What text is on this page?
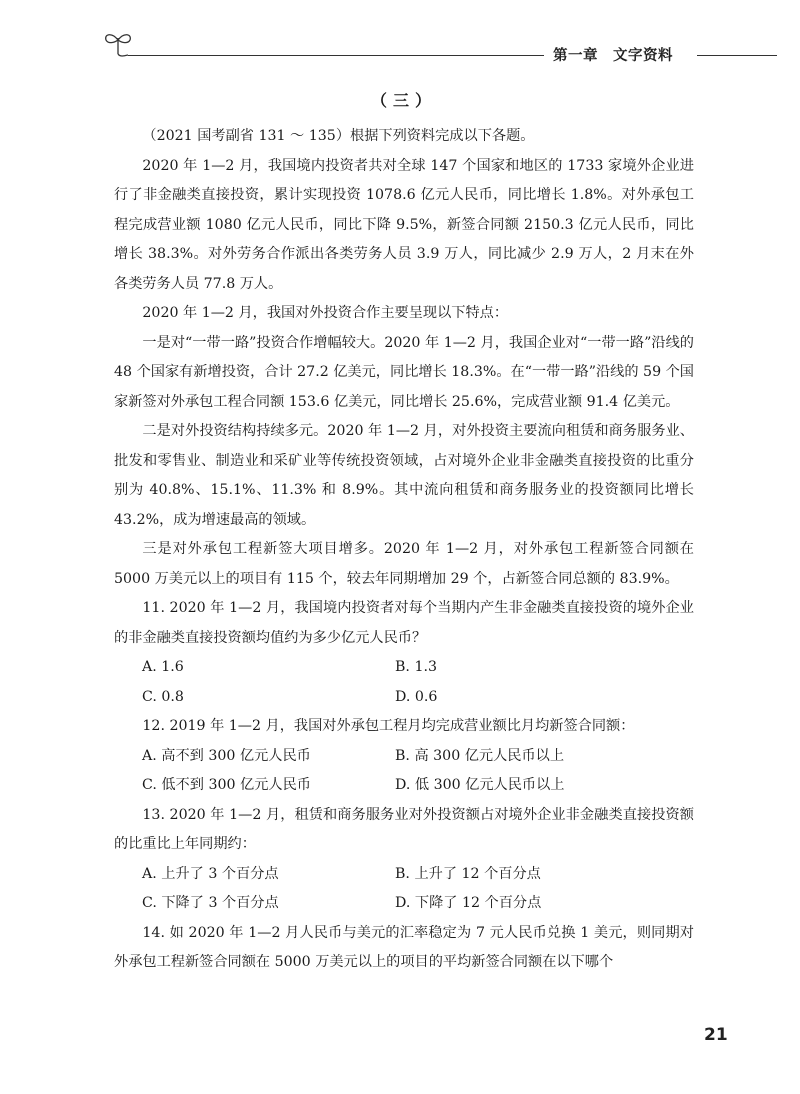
第一章　文字资料
（三）

（2021 国考副省 131 ～ 135）根据下列资料完成以下各题。

2020 年 1—2 月，我国境内投资者共对全球 147 个国家和地区的 1733 家境外企业进行了非金融类直接投资，累计实现投资 1078.6 亿元人民币，同比增长 1.8%。对外承包工程完成营业额 1080 亿元人民币，同比下降 9.5%，新签合同额 2150.3 亿元人民币，同比增长 38.3%。对外劳务合作派出各类劳务人员 3.9 万人，同比减少 2.9 万人，2 月末在外各类劳务人员 77.8 万人。

2020 年 1—2 月，我国对外投资合作主要呈现以下特点：

一是对“一带一路”投资合作增幅较大。2020 年 1—2 月，我国企业对“一带一路”沿线的 48 个国家有新增投资，合计 27.2 亿美元，同比增长 18.3%。在“一带一路”沿线的 59 个国家新签对外承包工程合同额 153.6 亿美元，同比增长 25.6%，完成营业额 91.4 亿美元。

二是对外投资结构持续多元。2020 年 1—2 月，对外投资主要流向租赁和商务服务业、批发和零售业、制造业和采矿业等传统投资领域，占对境外企业非金融类直接投资的比重分别为 40.8%、15.1%、11.3% 和 8.9%。其中流向租赁和商务服务业的投资额同比增长 43.2%，成为增速最高的领域。

三是对外承包工程新签大项目增多。2020 年 1—2 月，对外承包工程新签合同额在 5000 万美元以上的项目有 115 个，较去年同期增加 29 个，占新签合同总额的 83.9%。

11. 2020 年 1—2 月，我国境内投资者对每个当期内产生非金融类直接投资的境外企业的非金融类直接投资额均值约为多少亿元人民币？

A. 1.6	B. 1.3
C. 0.8	D. 0.6

12. 2019 年 1—2 月，我国对外承包工程月均完成营业额比月均新签合同额：

A. 高不到 300 亿元人民币	B. 高 300 亿元人民币以上
C. 低不到 300 亿元人民币	D. 低 300 亿元人民币以上

13. 2020 年 1—2 月，租赁和商务服务业对外投资额占对境外企业非金融类直接投资额的比重比上年同期约：

A. 上升了 3 个百分点	B. 上升了 12 个百分点
C. 下降了 3 个百分点	D. 下降了 12 个百分点

14. 如 2020 年 1—2 月人民币与美元的汇率稳定为 7 元人民币兑换 1 美元，则同期对外承包工程新签合同额在 5000 万美元以上的项目的平均新签合同额在以下哪个

21
